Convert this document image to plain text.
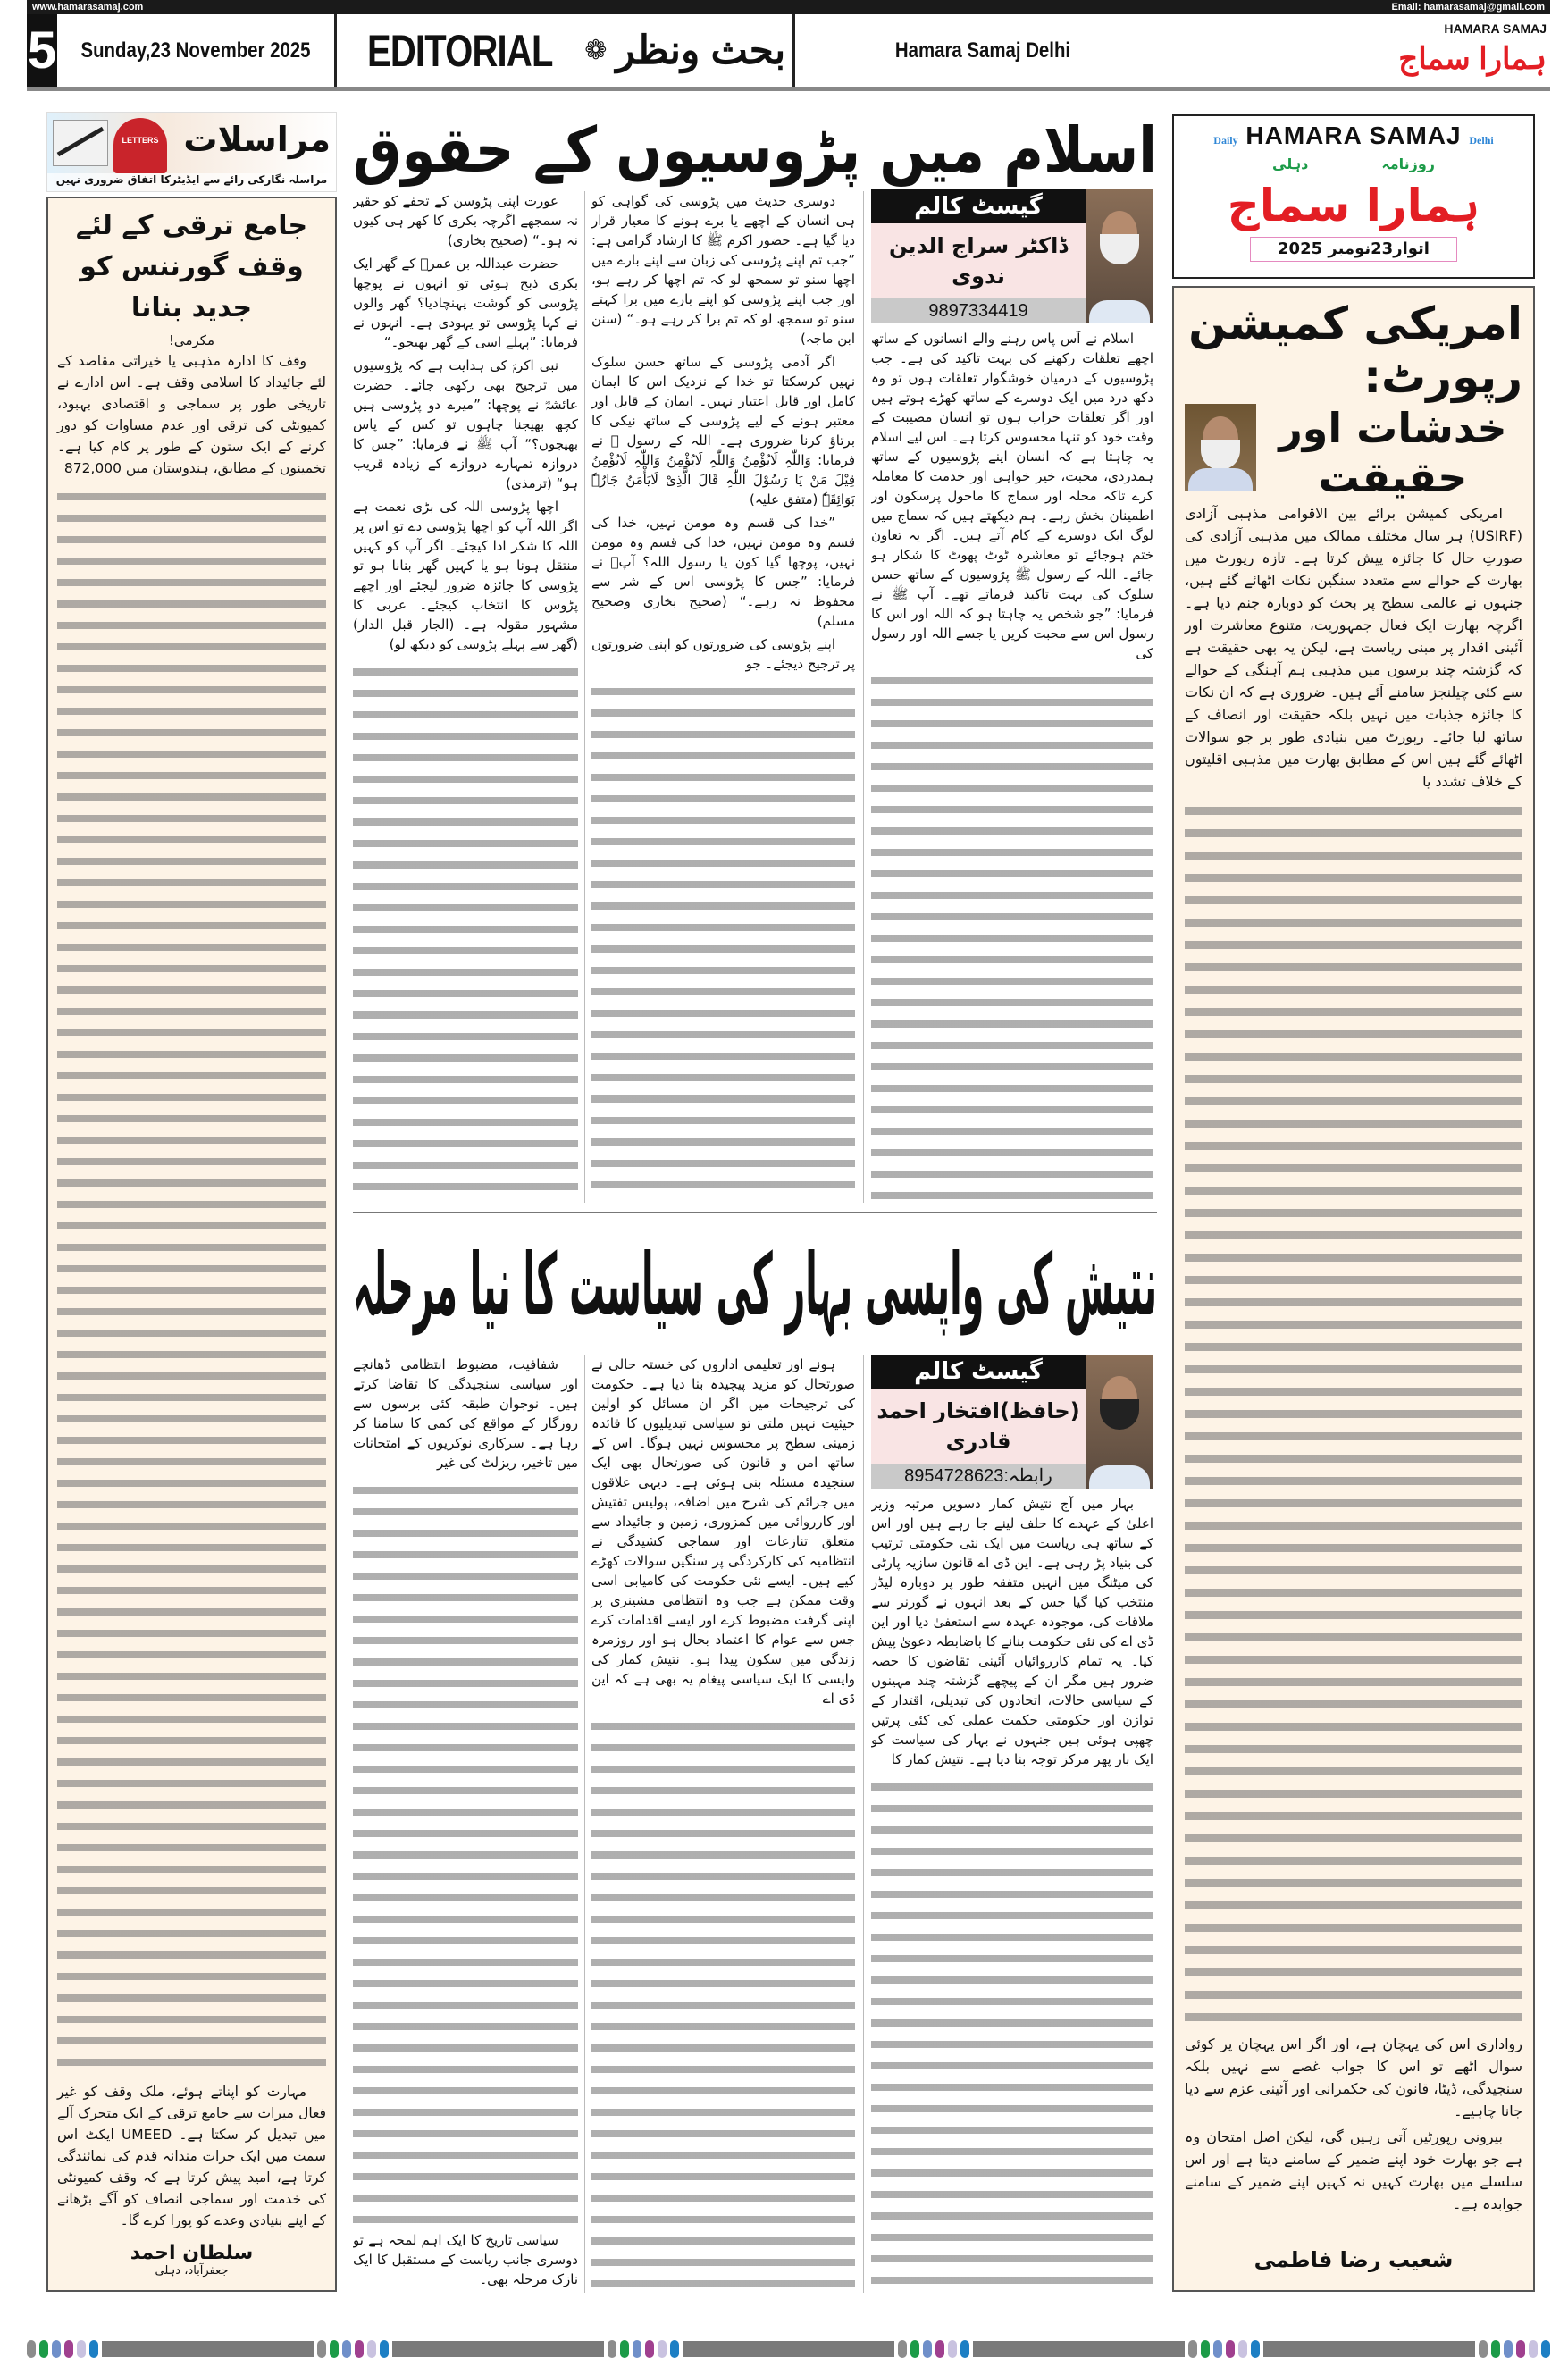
www.hamarasamaj.com	Email: hamarasamaj@gmail.com
5 Sunday,23 November 2025 EDITORIAL ❁ بحث ونظر	Hamara Samaj Delhi
HAMARA SAMAJ
ہمارا سماج
LETTERS مراسلات
مراسلہ نگارکی رائے سے ایڈیٹرکا اتفاق ضروری نہیں
جامع ترقی کے لئے وقف گورننس کو جدید بنانا
مکرمی!

وقف کا ادارہ مذہبی یا خیراتی مقاصد کے لئے جائیداد کا اسلامی وقف ہے۔ اس ادارے نے تاریخی طور پر سماجی و اقتصادی بہبود، کمیونٹی کی ترقی اور عدم مساوات کو دور کرنے کے ایک ستون کے طور پر کام کیا ہے۔ تخمینوں کے مطابق، ہندوستان میں 872,000

مہارت کو اپناتے ہوئے، ملک وقف کو غیر فعال میراث سے جامع ترقی کے ایک متحرک آلے میں تبدیل کر سکتا ہے۔ UMEED ایکٹ اس سمت میں ایک جرات مندانہ قدم کی نمائندگی کرتا ہے، امید پیش کرتا ہے کہ وقف کمیونٹی کی خدمت اور سماجی انصاف کو آگے بڑھانے کے اپنے بنیادی وعدے کو پورا کرے گا۔

سلطان احمد
جعفرآباد، دہلی
اسلام میں پڑوسیوں کے حقوق

عورت اپنی پڑوسن کے تحفے کو حقیر نہ سمجھے اگرچہ بکری کا کھر ہی کیوں نہ ہو۔“ (صحیح بخاری)

حضرت عبداللہ بن عمرؓ کے گھر ایک بکری ذبح ہوئی تو انہوں نے پوچھا پڑوسی کو گوشت پہنچادیا؟ گھر والوں نے کہا پڑوسی تو یہودی ہے۔ انہوں نے فرمایا: ”پہلے اسی کے گھر بھیجو۔“

نبی اکرمؐ کی ہدایت ہے کہ پڑوسیوں میں ترجیح بھی رکھی جائے۔ حضرت عائشہؓ نے پوچھا: ”میرے دو پڑوسی ہیں کچھ بھیجنا چاہوں تو کس کے پاس بھیجوں؟“ آپ ﷺ نے فرمایا: ”جس کا دروازہ تمہارے دروازے کے زیادہ قریب ہو“ (ترمذی)

اچھا پڑوسی اللہ کی بڑی نعمت ہے اگر اللہ آپ کو اچھا پڑوسی دے تو اس پر اللہ کا شکر ادا کیجئے۔ اگر آپ کو کہیں منتقل ہونا ہو یا کہیں گھر بنانا ہو تو پڑوسی کا جائزہ ضرور لیجئے اور اچھے پڑوس کا انتخاب کیجئے۔ عربی کا مشہور مقولہ ہے۔ (الجار قبل الدار) (گھر سے پہلے پڑوسی کو دیکھ لو)

دوسری حدیث میں پڑوسی کی گواہی کو ہی انسان کے اچھے یا برے ہونے کا معیار قرار دیا گیا ہے۔ حضور اکرم ﷺ کا ارشاد گرامی ہے: ”جب تم اپنے پڑوسی کی زبان سے اپنے بارے میں اچھا سنو تو سمجھ لو کہ تم اچھا کر رہے ہو، اور جب اپنے پڑوسی کو اپنے بارے میں برا کہتے سنو تو سمجھ لو کہ تم برا کر رہے ہو۔“ (سنن ابن ماجہ)

اگر آدمی پڑوسی کے ساتھ حسن سلوک نہیں کرسکتا تو خدا کے نزدیک اس کا ایمان کامل اور قابل اعتبار نہیں۔ ایمان کے قابل اور معتبر ہونے کے لیے پڑوسی کے ساتھ نیکی کا برتاؤ کرنا ضروری ہے۔ اللہ کے رسول ﷺ نے فرمایا: وَاللّٰہِ لَایُؤْمِنُ وَاللّٰہِ لَایُؤْمِنُ وَاللّٰہِ لَایُؤْمِنُ قِیْلَ مَنْ یَا رَسُوْلَ اللّٰہِ قَالَ الَّذِیْ لَایَأْمَنُ جَارُہٗ بَوَائِقَہٗ (متفق علیہ)

”خدا کی قسم وہ مومن نہیں، خدا کی قسم وہ مومن نہیں، خدا کی قسم وہ مومن نہیں، پوچھا گیا کون یا رسول اللہ؟ آپؐ نے فرمایا: ”جس کا پڑوسی اس کے شر سے محفوظ نہ رہے۔“ (صحیح بخاری وصحیح مسلم)

اپنے پڑوسی کی ضرورتوں کو اپنی ضرورتوں پر ترجیح دیجئے۔ جو

گیسٹ کالم
ڈاکٹر سراج الدین ندوی
9897334419

اسلام نے آس پاس رہنے والے انسانوں کے ساتھ اچھے تعلقات رکھنے کی بہت تاکید کی ہے۔ جب پڑوسیوں کے درمیان خوشگوار تعلقات ہوں تو وہ دکھ درد میں ایک دوسرے کے ساتھ کھڑے ہوتے ہیں اور اگر تعلقات خراب ہوں تو انسان مصیبت کے وقت خود کو تنہا محسوس کرتا ہے۔ اس لیے اسلام یہ چاہتا ہے کہ انسان اپنے پڑوسیوں کے ساتھ ہمدردی، محبت، خیر خواہی اور خدمت کا معاملہ کرے تاکہ محلہ اور سماج کا ماحول پرسکون اور اطمینان بخش رہے۔ ہم دیکھتے ہیں کہ سماج میں لوگ ایک دوسرے کے کام آتے ہیں۔ اگر یہ تعاون ختم ہوجائے تو معاشرہ ٹوٹ پھوٹ کا شکار ہو جائے۔ اللہ کے رسول ﷺ پڑوسیوں کے ساتھ حسن سلوک کی بہت تاکید فرماتے تھے۔ آپ ﷺ نے فرمایا: ”جو شخص یہ چاہتا ہو کہ اللہ اور اس کا رسول اس سے محبت کریں یا جسے اللہ اور رسول کی

نتیش کی واپسی بہار کی سیاست کا نیا مرحلہ

شفافیت، مضبوط انتظامی ڈھانچے اور سیاسی سنجیدگی کا تقاضا کرتے ہیں۔ نوجوان طبقہ کئی برسوں سے روزگار کے مواقع کی کمی کا سامنا کر رہا ہے۔ سرکاری نوکریوں کے امتحانات میں تاخیر، ریزلٹ کی غیر

سیاسی تاریخ کا ایک اہم لمحہ ہے تو دوسری جانب ریاست کے مستقبل کا ایک نازک مرحلہ بھی۔

ہونے اور تعلیمی اداروں کی خستہ حالی نے صورتحال کو مزید پیچیدہ بنا دیا ہے۔ حکومت کی ترجیحات میں اگر ان مسائل کو اولین حیثیت نہیں ملتی تو سیاسی تبدیلیوں کا فائدہ زمینی سطح پر محسوس نہیں ہوگا۔ اس کے ساتھ امن و قانون کی صورتحال بھی ایک سنجیدہ مسئلہ بنی ہوئی ہے۔ دیہی علاقوں میں جرائم کی شرح میں اضافہ، پولیس تفتیش اور کارروائی میں کمزوری، زمین و جائیداد سے متعلق تنازعات اور سماجی کشیدگی نے انتظامیہ کی کارکردگی پر سنگین سوالات کھڑے کیے ہیں۔ ایسے نئی حکومت کی کامیابی اسی وقت ممکن ہے جب وہ انتظامی مشینری پر اپنی گرفت مضبوط کرے اور ایسے اقدامات کرے جس سے عوام کا اعتماد بحال ہو اور روزمرہ زندگی میں سکون پیدا ہو۔ نتیش کمار کی واپسی کا ایک سیاسی پیغام یہ بھی ہے کہ این ڈی اے

گیسٹ کالم
(حافظ)افتخار احمد قادری
رابطہ:8954728623

بہار میں آج نتیش کمار دسویں مرتبہ وزیر اعلیٰ کے عہدے کا حلف لینے جا رہے ہیں اور اس کے ساتھ ہی ریاست میں ایک نئی حکومتی ترتیب کی بنیاد پڑ رہی ہے۔ این ڈی اے قانون سازیہ پارٹی کی میٹنگ میں انہیں متفقہ طور پر دوبارہ لیڈر منتخب کیا گیا جس کے بعد انہوں نے گورنر سے ملاقات کی، موجودہ عہدہ سے استعفیٰ دیا اور این ڈی اے کی نئی حکومت بنانے کا باضابطہ دعویٰ پیش کیا۔ یہ تمام کارروائیاں آئینی تقاضوں کا حصہ ضرور ہیں مگر ان کے پیچھے گزشتہ چند مہینوں کے سیاسی حالات، اتحادوں کی تبدیلی، اقتدار کے توازن اور حکومتی حکمت عملی کی کئی پرتیں چھپی ہوئی ہیں جنہوں نے بہار کی سیاست کو ایک بار پھر مرکز توجہ بنا دیا ہے۔ نتیش کمار کا

Daily HAMARA SAMAJ Delhi
روزنامہ
دہلی
ہمارا سماج
اتوار23نومبر 2025
امریکی کمیشن رپورٹ:
خدشات اور حقیقت

امریکی کمیشن برائے بین الاقوامی مذہبی آزادی (USIRF) ہر سال مختلف ممالک میں مذہبی آزادی کی صورتِ حال کا جائزہ پیش کرتا ہے۔ تازہ رپورٹ میں بھارت کے حوالے سے متعدد سنگین نکات اٹھائے گئے ہیں، جنہوں نے عالمی سطح پر بحث کو دوبارہ جنم دیا ہے۔ اگرچہ بھارت ایک فعال جمہوریت، متنوع معاشرت اور آئینی اقدار پر مبنی ریاست ہے، لیکن یہ بھی حقیقت ہے کہ گزشتہ چند برسوں میں مذہبی ہم آہنگی کے حوالے سے کئی چیلنجز سامنے آئے ہیں۔ ضروری ہے کہ ان نکات کا جائزہ جذبات میں نہیں بلکہ حقیقت اور انصاف کے ساتھ لیا جائے۔ رپورٹ میں بنیادی طور پر جو سوالات اٹھائے گئے ہیں اس کے مطابق بھارت میں مذہبی اقلیتوں کے خلاف تشدد یا

رواداری اس کی پہچان ہے، اور اگر اس پہچان پر کوئی سوال اٹھے تو اس کا جواب غصے سے نہیں بلکہ سنجیدگی، ڈیٹا، قانون کی حکمرانی اور آئینی عزم سے دیا جانا چاہیے۔

بیرونی رپورٹیں آتی رہیں گی، لیکن اصل امتحان وہ ہے جو بھارت خود اپنے ضمیر کے سامنے دیتا ہے اور اس سلسلے میں بھارت کہیں نہ کہیں اپنے ضمیر کے سامنے جوابدہ ہے۔

شعیب رضا فاطمی
